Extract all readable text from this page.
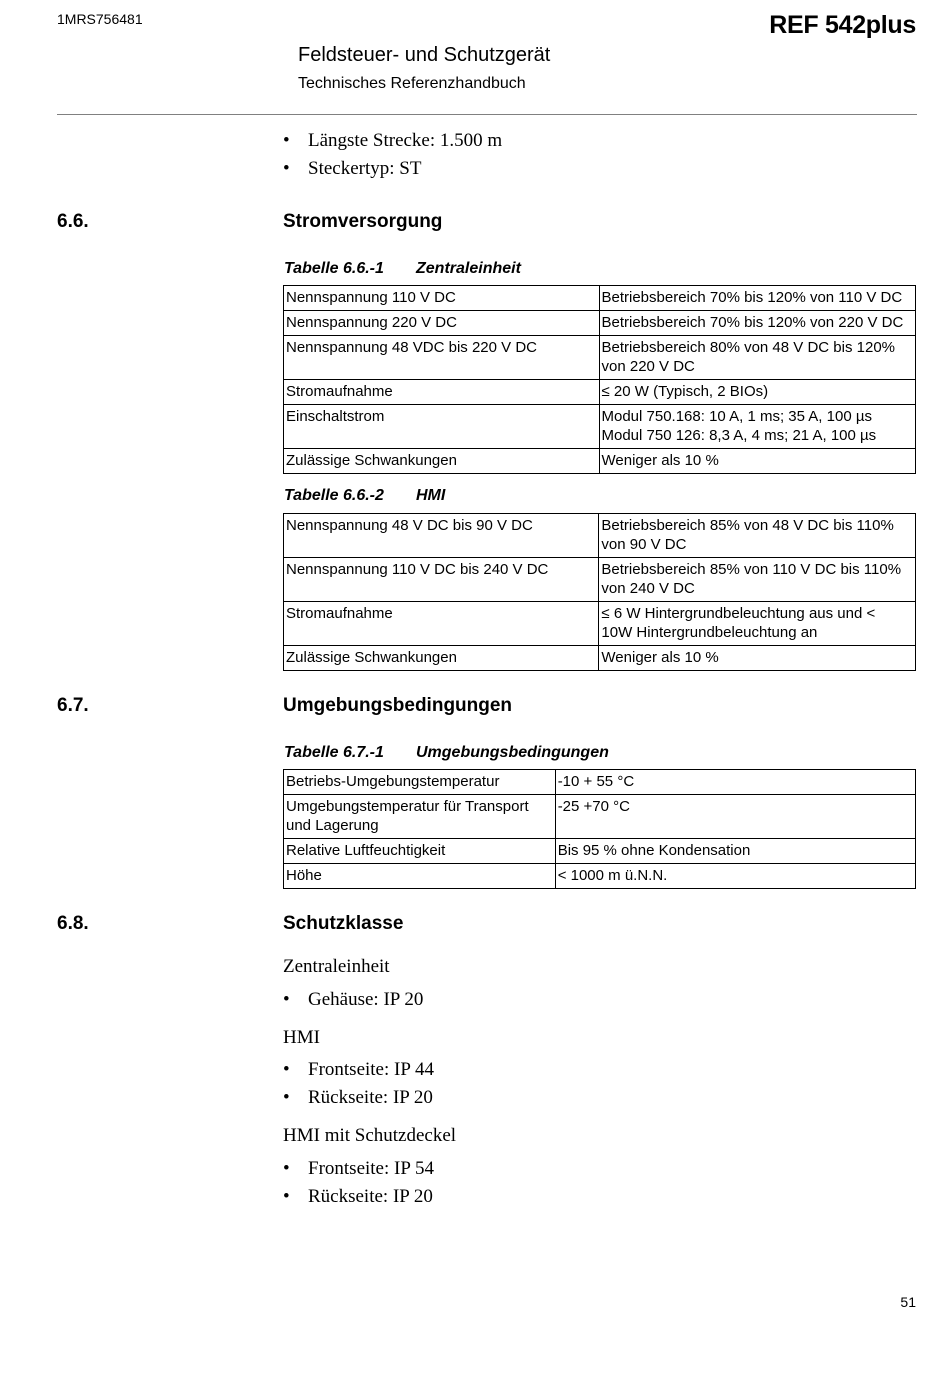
1MRS756481	REF 542plus
Feldsteuer- und Schutzgerät
Technisches Referenzhandbuch
• Längste Strecke: 1.500 m
• Steckertyp: ST
6.6.	Stromversorgung
Tabelle 6.6.-1 Zentraleinheit
Nennspannung 110 V DC	Betriebsbereich 70% bis 120% von 110 V DC
Nennspannung 220 V DC	Betriebsbereich 70% bis 120% von 220 V DC
Nennspannung 48 VDC bis 220 V DC	Betriebsbereich 80% von 48 V DC bis 120%
von 220 V DC

Stromaufnahme	≤ 20 W (Typisch, 2 BIOs)
Einschaltstrom	Modul 750.168: 10 A, 1 ms; 35 A, 100 µs
Modul 750 126: 8,3 A, 4 ms; 21 A, 100 µs

Zulässige Schwankungen	Weniger als 10 %
Tabelle 6.6.-2 HMI
Nennspannung 48 V DC bis 90 V DC	Betriebsbereich 85% von 48 V DC bis 110%
von 90 V DC

Nennspannung 110 V DC bis 240 V DC	Betriebsbereich 85% von 110 V DC bis 110%
von 240 V DC

Stromaufnahme	≤ 6 W Hintergrundbeleuchtung aus und <
10W Hintergrundbeleuchtung an

Zulässige Schwankungen	Weniger als 10 %
6.7.	Umgebungsbedingungen
Tabelle 6.7.-1 Umgebungsbedingungen
Betriebs-Umgebungstemperatur	-10 + 55 °C

Umgebungstemperatur für Transport
und Lagerung	-25 +70 °C
Relative Luftfeuchtigkeit	Bis 95 % ohne Kondensation
Höhe	< 1000 m ü.N.N.
6.8.	Schutzklasse
Zentraleinheit
• Gehäuse: IP 20
HMI
• Frontseite: IP 44
• Rückseite: IP 20
HMI mit Schutzdeckel
• Frontseite: IP 54
• Rückseite: IP 20
51
